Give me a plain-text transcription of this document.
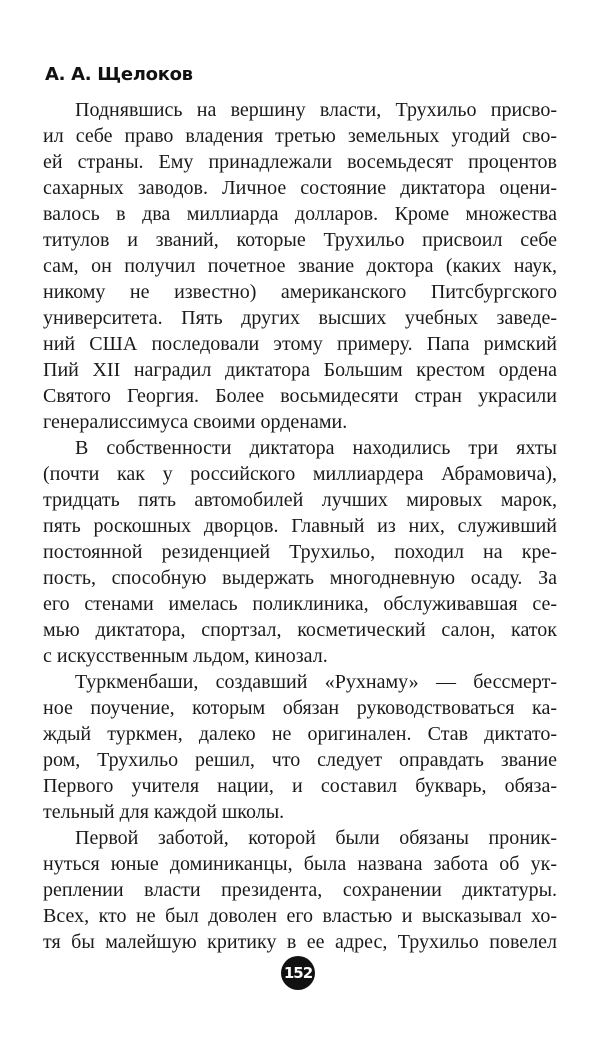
А. А. Щелоков
Поднявшись на вершину власти, Трухильо присво-
ил себе право владения третью земельных угодий сво-
ей страны. Ему принадлежали восемьдесят процентов
сахарных заводов. Личное состояние диктатора оцени-
валось в два миллиарда долларов. Кроме множества
титулов и званий, которые Трухильо присвоил себе
сам, он получил почетное звание доктора (каких наук,
никому не известно) американского Питсбургского
университета. Пять других высших учебных заведе-
ний США последовали этому примеру. Папа римский
Пий XII наградил диктатора Большим крестом ордена
Святого Георгия. Более восьмидесяти стран украсили
генералиссимуса своими орденами.
В собственности диктатора находились три яхты
(почти как у российского миллиардера Абрамовича),
тридцать пять автомобилей лучших мировых марок,
пять роскошных дворцов. Главный из них, служивший
постоянной резиденцией Трухильо, походил на кре-
пость, способную выдержать многодневную осаду. За
его стенами имелась поликлиника, обслуживавшая се-
мью диктатора, спортзал, косметический салон, каток
с искусственным льдом, кинозал.
Туркменбаши, создавший «Рухнаму» — бессмерт-
ное поучение, которым обязан руководствоваться ка-
ждый туркмен, далеко не оригинален. Став диктато-
ром, Трухильо решил, что следует оправдать звание
Первого учителя нации, и составил букварь, обяза-
тельный для каждой школы.
Первой заботой, которой были обязаны проник-
нуться юные доминиканцы, была названа забота об ук-
реплении власти президента, сохранении диктатуры.
Всех, кто не был доволен его властью и высказывал хо-
тя бы малейшую критику в ее адрес, Трухильо повелел
152
